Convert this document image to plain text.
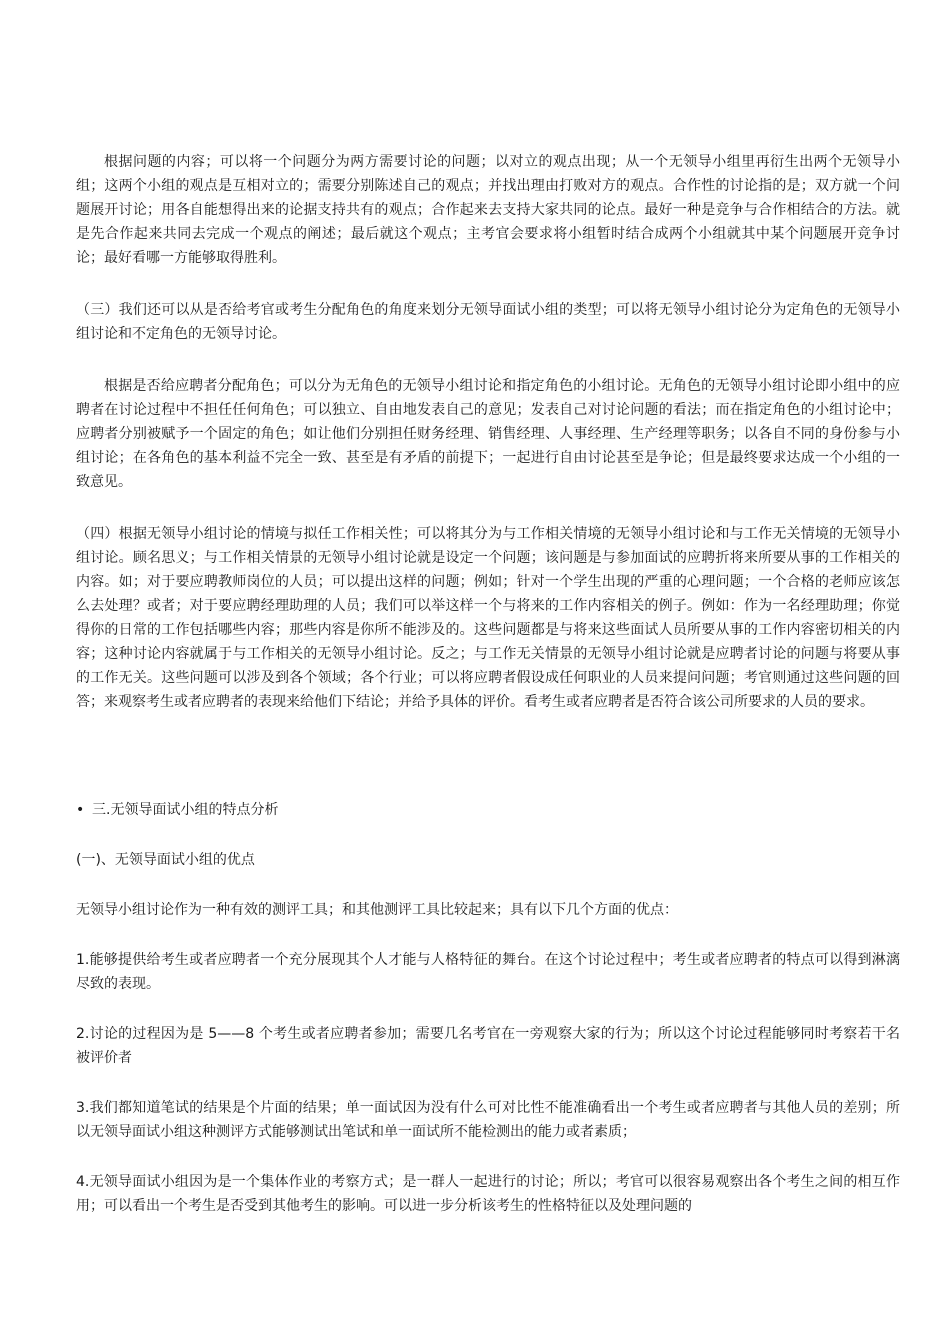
根据问题的内容；可以将一个问题分为两方需要讨论的问题；以对立的观点出现；从一个无领导小组里再衍生出两个无领导小组；这两个小组的观点是互相对立的；需要分别陈述自己的观点；并找出理由打败对方的观点。合作性的讨论指的是；双方就一个问题展开讨论；用各自能想得出来的论据支持共有的观点；合作起来去支持大家共同的论点。最好一种是竞争与合作相结合的方法。就是先合作起来共同去完成一个观点的阐述；最后就这个观点；主考官会要求将小组暂时结合成两个小组就其中某个问题展开竞争讨论；最好看哪一方能够取得胜利。

（三）我们还可以从是否给考官或考生分配角色的角度来划分无领导面试小组的类型；可以将无领导小组讨论分为定角色的无领导小组讨论和不定角色的无领导讨论。

根据是否给应聘者分配角色；可以分为无角色的无领导小组讨论和指定角色的小组讨论。无角色的无领导小组讨论即小组中的应聘者在讨论过程中不担任任何角色；可以独立、自由地发表自己的意见；发表自己对讨论问题的看法；而在指定角色的小组讨论中；应聘者分别被赋予一个固定的角色；如让他们分别担任财务经理、销售经理、人事经理、生产经理等职务；以各自不同的身份参与小组讨论；在各角色的基本利益不完全一致、甚至是有矛盾的前提下；一起进行自由讨论甚至是争论；但是最终要求达成一个小组的一致意见。

（四）根据无领导小组讨论的情境与拟任工作相关性；可以将其分为与工作相关情境的无领导小组讨论和与工作无关情境的无领导小组讨论。顾名思义；与工作相关情景的无领导小组讨论就是设定一个问题；该问题是与参加面试的应聘折将来所要从事的工作相关的内容。如；对于要应聘教师岗位的人员；可以提出这样的问题；例如；针对一个学生出现的严重的心理问题；一个合格的老师应该怎么去处理？或者；对于要应聘经理助理的人员；我们可以举这样一个与将来的工作内容相关的例子。例如：作为一名经理助理；你觉得你的日常的工作包括哪些内容；那些内容是你所不能涉及的。这些问题都是与将来这些面试人员所要从事的工作内容密切相关的内容；这种讨论内容就属于与工作相关的无领导小组讨论。反之；与工作无关情景的无领导小组讨论就是应聘者讨论的问题与将要从事的工作无关。这些问题可以涉及到各个领域；各个行业；可以将应聘者假设成任何职业的人员来提问问题；考官则通过这些问题的回答；来观察考生或者应聘者的表现来给他们下结论；并给予具体的评价。看考生或者应聘者是否符合该公司所要求的人员的要求。

• 三.无领导面试小组的特点分析

(一)、无领导面试小组的优点

无领导小组讨论作为一种有效的测评工具；和其他测评工具比较起来；具有以下几个方面的优点：

1.能够提供给考生或者应聘者一个充分展现其个人才能与人格特征的舞台。在这个讨论过程中；考生或者应聘者的特点可以得到淋漓尽致的表现。

2.讨论的过程因为是 5——8 个考生或者应聘者参加；需要几名考官在一旁观察大家的行为；所以这个讨论过程能够同时考察若干名被评价者

3.我们都知道笔试的结果是个片面的结果；单一面试因为没有什么可对比性不能准确看出一个考生或者应聘者与其他人员的差别；所以无领导面试小组这种测评方式能够测试出笔试和单一面试所不能检测出的能力或者素质；

4.无领导面试小组因为是一个集体作业的考察方式；是一群人一起进行的讨论；所以；考官可以很容易观察出各个考生之间的相互作用；可以看出一个考生是否受到其他考生的影响。可以进一步分析该考生的性格特征以及处理问题的
